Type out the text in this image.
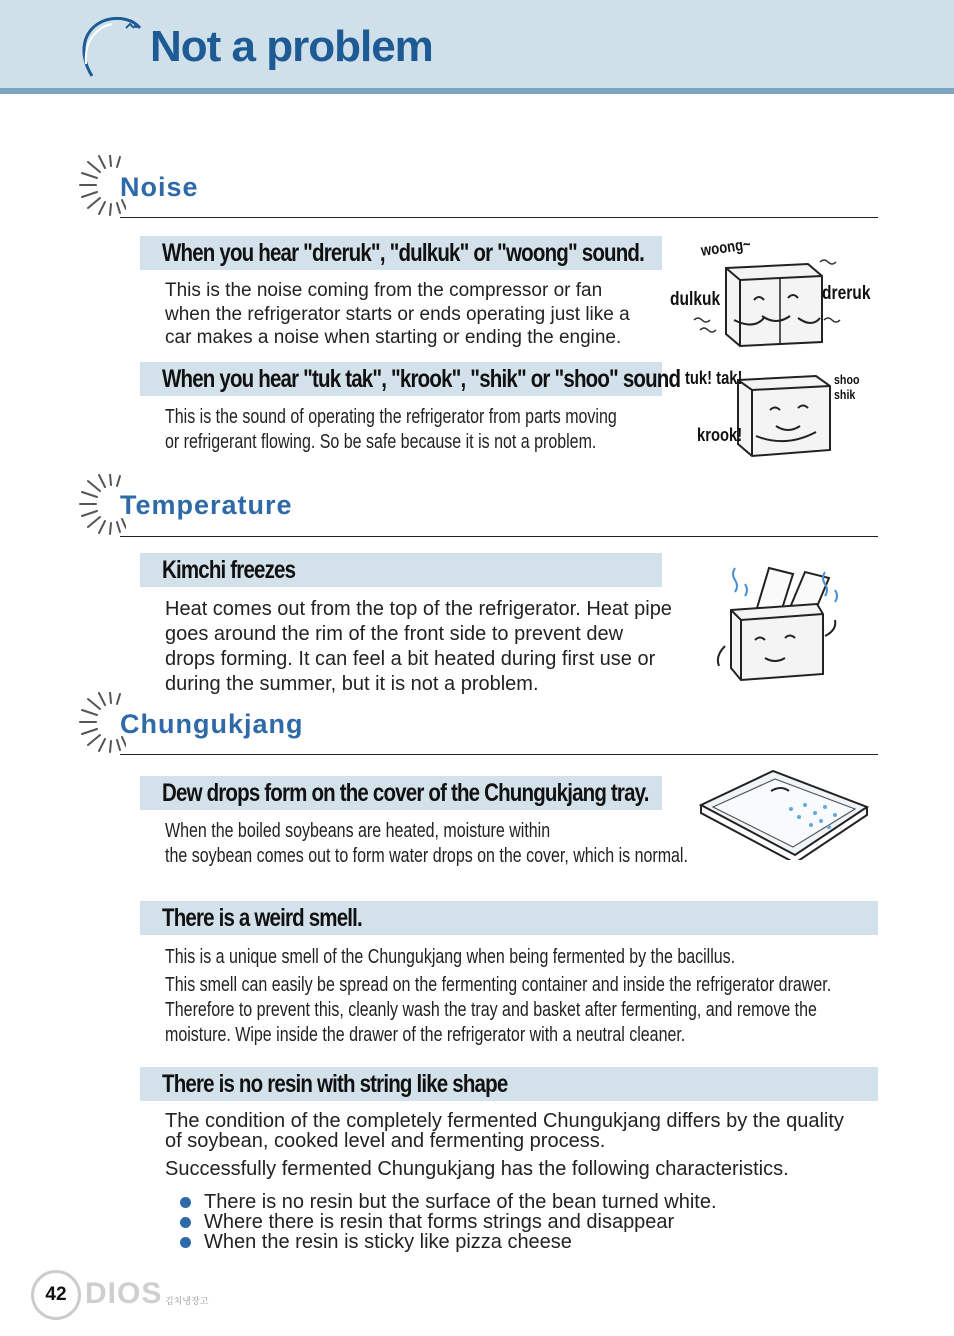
Not a problem
Noise
When you hear "dreruk", "dulkuk" or "woong" sound.
This is the noise coming from the compressor or fan
when the refrigerator starts or ends operating just like a
car makes a noise when starting or ending the engine.
woong~
dulkuk	dreruk
When you hear "tuk tak", "krook", "shik" or "shoo" sound
This is the sound of operating the refrigerator from parts moving
or refrigerant flowing. So be safe because it is not a problem.
tuk! tak!
krook!
shoo
shik
Temperature
Kimchi freezes
Heat comes out from the top of the refrigerator. Heat pipe
goes around the rim of the front side to prevent dew
drops forming. It can feel a bit heated during first use or
during the summer, but it is not a problem.
Chungukjang
Dew drops form on the cover of the Chungukjang tray.
When the boiled soybeans are heated, moisture within
the soybean comes out to form water drops on the cover, which is normal.
There is a weird smell.
This is a unique smell of the Chungukjang when being fermented by the bacillus.
This smell can easily be spread on the fermenting container and inside the refrigerator drawer.
Therefore to prevent this, cleanly wash the tray and basket after fermenting, and remove the
moisture. Wipe inside the drawer of the refrigerator with a neutral cleaner.
There is no resin with string like shape
The condition of the completely fermented Chungukjang differs by the quality
of soybean, cooked level and fermenting process.
Successfully fermented Chungukjang has the following characteristics.
There is no resin but the surface of the bean turned white.
Where there is resin that forms strings and disappear
When the resin is sticky like pizza cheese
42 DIOS 김치냉장고
